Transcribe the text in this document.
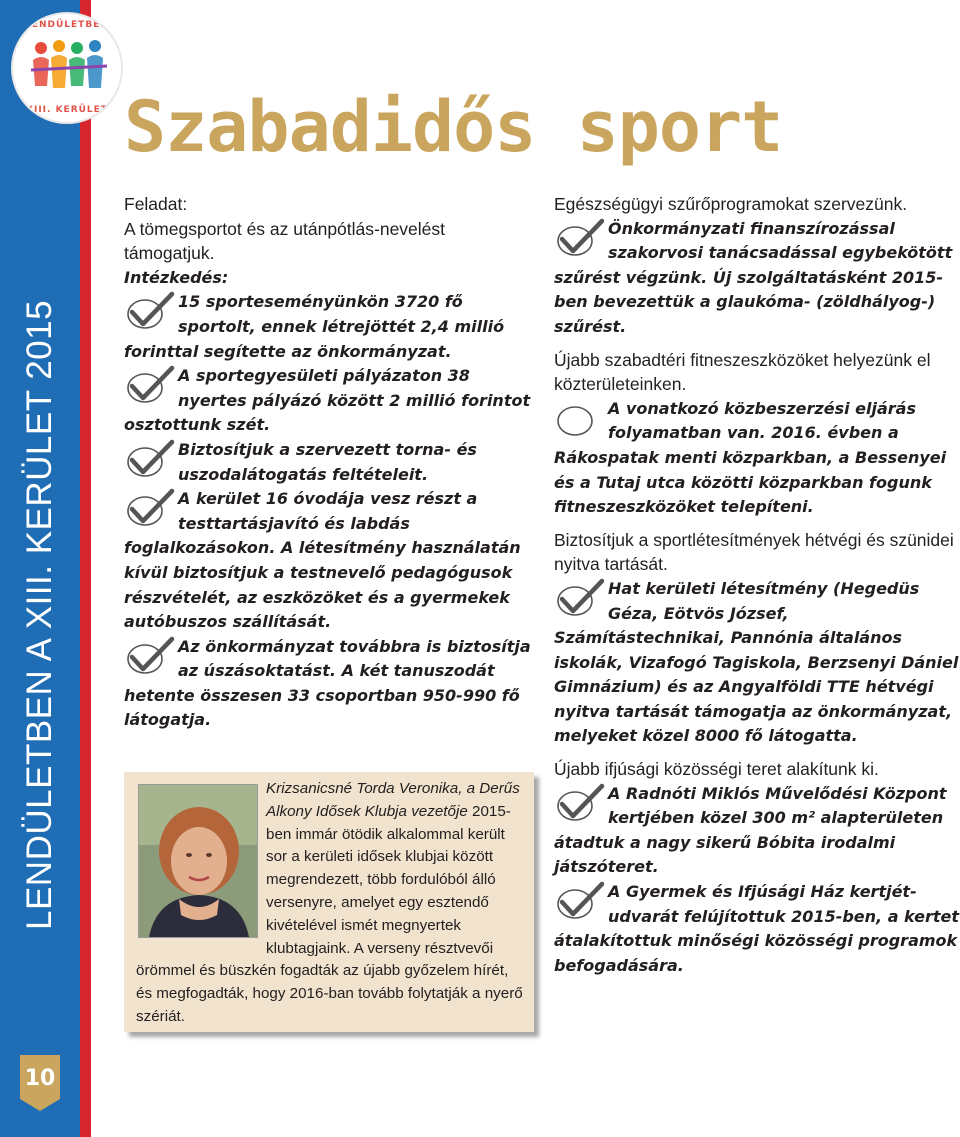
LENDÜLETBEN
XIII. KERÜLET
LENDÜLETBEN A XIII. KERÜLET 2015
10
Szabadidős sport

Feladat:

A tömegsportot és az utánpótlás-nevelést támogatjuk.

Intézkedés:

15 sporteseményünkön 3720 fő sportolt, ennek létrejöttét 2,4 millió forinttal segítette az önkormányzat.
A sportegyesületi pályázaton 38 nyertes pályázó között 2 millió forintot osztottunk szét.
Biztosítjuk a szervezett torna- és uszodalátogatás feltételeit.
A kerület 16 óvodája vesz részt a testtartásjavító és labdás foglalkozásokon. A létesítmény használatán kívül biztosítjuk a testnevelő pedagógusok részvételét, az eszközöket és a gyermekek autóbuszos szállítását.
Az önkormányzat továbbra is biztosítja az úszásoktatást. A két tanuszodát hetente összesen 33 csoportban 950-990 fő látogatja.
Krizsanicsné Torda Veronika, a Derűs Alkony Idősek Klubja vezetője 2015-ben immár ötödik alkalommal került sor a kerületi idősek klubjai között megrendezett, több fordulóból álló versenyre, amelyet egy esztendő kivételével ismét megnyertek klubtagjaink. A verseny résztvevői örömmel és büszkén fogadták az újabb győzelem hírét, és megfogadták, hogy 2016-ban tovább folytatják a nyerő szériát.

Egészségügyi szűrőprogramokat szervezünk.

Önkormányzati finanszírozással szakorvosi tanácsadással egybekötött szűrést végzünk. Új szolgáltatásként 2015-ben bevezettük a glaukóma- (zöldhályog-) szűrést.

Újabb szabadtéri fitneszeszközöket helyezünk el közterületeinken.

A vonatkozó közbeszerzési eljárás folyamatban van. 2016. évben a Rákospatak menti közparkban, a Bessenyei és a Tutaj utca közötti közparkban fogunk fitneszeszközöket telepíteni.

Biztosítjuk a sportlétesítmények hétvégi és szünidei nyitva tartását.

Hat kerületi létesítmény (Hegedüs Géza, Eötvös József, Számítástechnikai, Pannónia általános iskolák, Vizafogó Tagiskola, Berzsenyi Dániel Gimnázium) és az Angyalföldi TTE hétvégi nyitva tartását támogatja az önkormányzat, melyeket közel 8000 fő látogatta.

Újabb ifjúsági közösségi teret alakítunk ki.

A Radnóti Miklós Művelődési Központ kertjében közel 300 m² alapterületen átadtuk a nagy sikerű Bóbita irodalmi játszóteret.
A Gyermek és Ifjúsági Ház kertjét-udvarát felújítottuk 2015-ben, a kertet átalakítottuk minőségi közösségi programok befogadására.
